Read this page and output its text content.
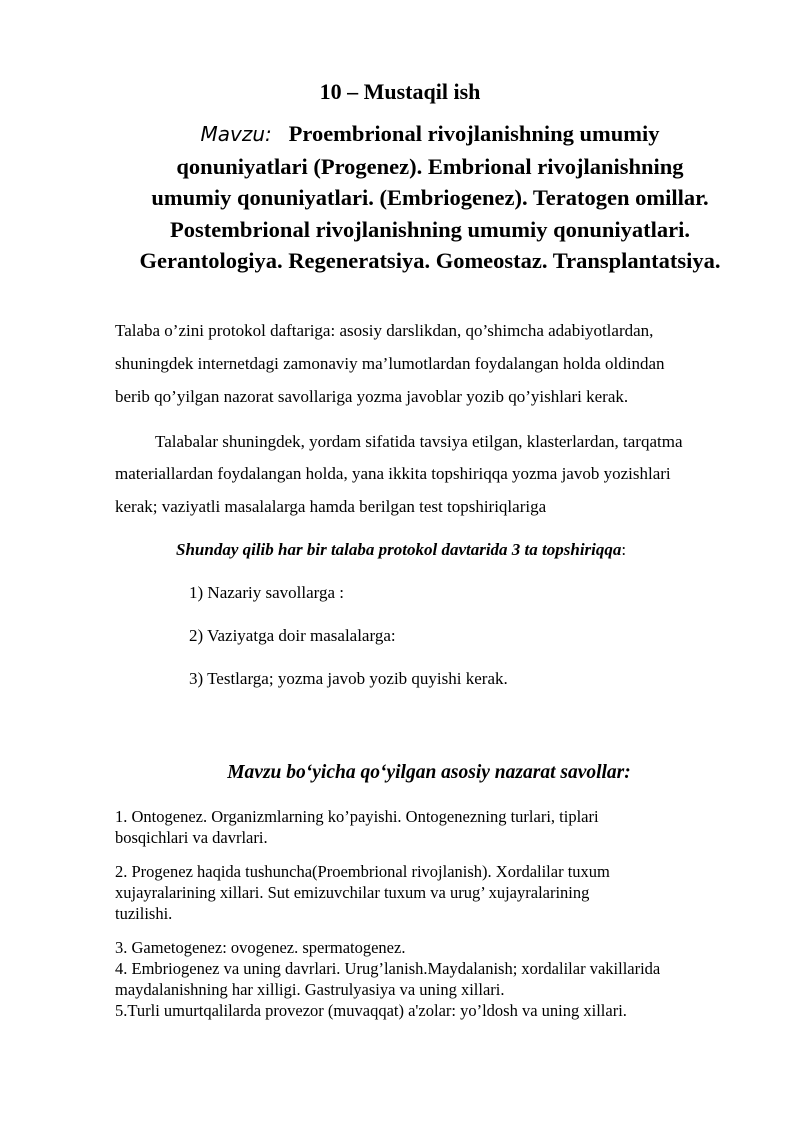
10 – Mustaqil ish
Mavzu: Proembrional rivojlanishning umumiy
qonuniyatlari (Progenez). Embrional rivojlanishning
umumiy qonuniyatlari. (Embriogenez). Teratogen omillar.
Postembrional rivojlanishning umumiy qonuniyatlari.
Gerantologiya. Regeneratsiya. Gomeostaz. Transplantatsiya.
Talaba o’zini protokol daftariga: asosiy darslikdan, qo’shimcha adabiyotlardan,
shuningdek internetdagi zamonaviy ma’lumotlardan foydalangan holda oldindan
berib qo’yilgan nazorat savollariga yozma javoblar yozib qo’yishlari kerak.
Talabalar shuningdek, yordam sifatida tavsiya etilgan, klasterlardan, tarqatma
materiallardan foydalangan holda, yana ikkita topshiriqqa yozma javob yozishlari
kerak; vaziyatli masalalarga hamda berilgan test topshiriqlariga
Shunday qilib har bir talaba protokol davtarida 3 ta topshiriqqa:
1) Nazariy savollarga :
2) Vaziyatga doir masalalarga:
3) Testlarga; yozma javob yozib quyishi kerak.
Mavzu bo‘yicha qo‘yilgan asosiy nazarat savollar:
1. Ontogenez. Organizmlarning ko’payishi. Ontogenezning turlari, tiplari
bosqichlari va davrlari.
2. Progenez haqida tushuncha(Proembrional rivojlanish). Xordalilar tuxum
xujayralarining xillari. Sut emizuvchilar tuxum va urug’ xujayralarining
tuzilishi.
3. Gametogenez: ovogenez. spermatogenez.
4. Embriogenez va uning davrlari. Urug’lanish.Maydalanish; xordalilar vakillarida
maydalanishning har xilligi. Gastrulyasiya va uning xillari.
5.Turli umurtqalilarda provezor (muvaqqat) a'zolar: yo’ldosh va uning xillari.
